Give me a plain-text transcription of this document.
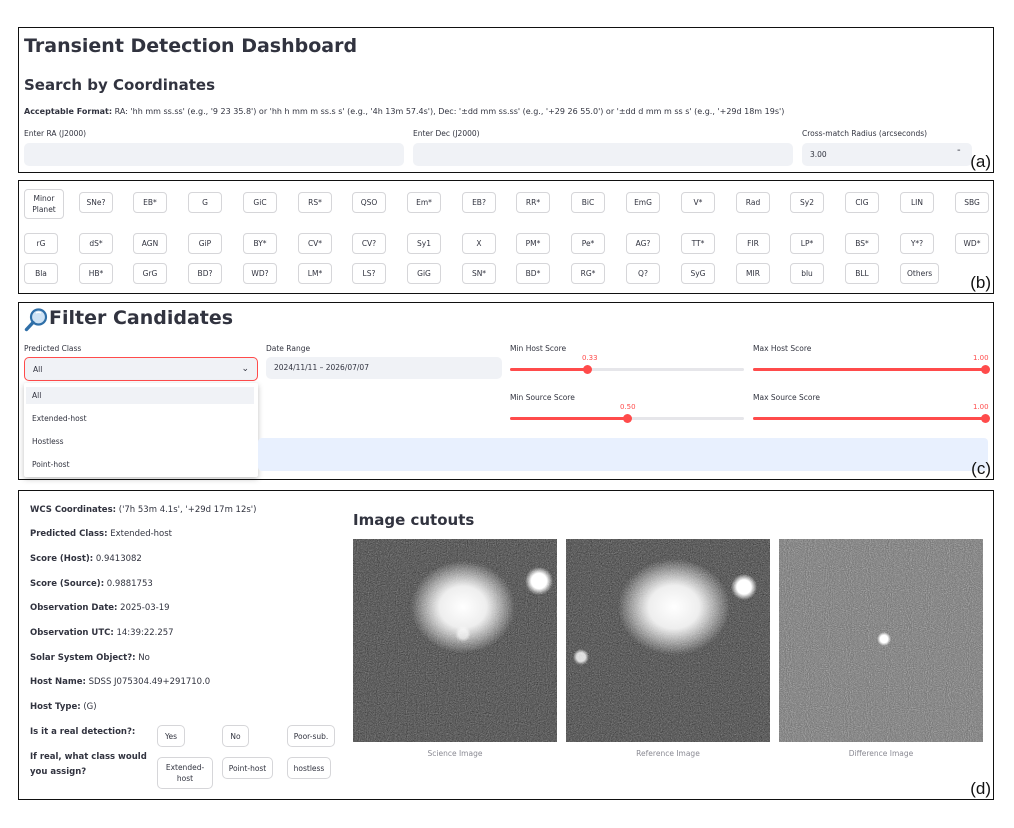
Transient Detection Dashboard
Search by Coordinates
Acceptable Format: RA: 'hh mm ss.ss' (e.g., '9 23 35.8') or 'hh h mm m ss.s s' (e.g., '4h 13m 57.4s'), Dec: '±dd mm ss.ss' (e.g., '+29 26 55.0') or '±dd d mm m ss s' (e.g., '+29d 18m 19s')
Enter RA (J2000)	Enter Dec (J2000)	Cross-match Radius (arcseconds)
3.00	-
(a)
Minor Planet
SNe?	EB*	G	GiC	RS*	QSO	Em*	EB?	RR*	BiC	EmG	V*	Rad	Sy2	ClG	LIN	SBG
rG	dS*	AGN	GiP	BY*	CV*	CV?	Sy1	X	PM*	Pe*	AG?	TT*	FIR	LP*	BS*	Y*?	WD*
Bla	HB*	GrG	BD?	WD?	LM*	LS?	GiG	SN*	BD*	RG*	Q?	SyG	MIR	blu	BLL	Others	(b)
Filter Candidates
Predicted Class
All	⌄
All
Extended-host
Hostless
Point-host
Date Range
2024/11/11 – 2026/07/07
Min Host Score
0.33
Max Host Score
1.00
Min Source Score
0.50
Max Source Score
1.00
(c)
WCS Coordinates: ('7h 53m 4.1s', '+29d 17m 12s')
Predicted Class: Extended-host
Score (Host): 0.9413082
Score (Source): 0.9881753
Observation Date: 2025-03-19
Observation UTC: 14:39:22.257
Solar System Object?: No
Host Name: SDSS J075304.49+291710.0
Host Type: (G)
Is it a real detection?:	Yes	No	Poor-sub.
If real, what class would you assign?	Extended-host
Point-host	hostless
Image cutouts
Science Image	Reference Image	Difference Image
(d)
